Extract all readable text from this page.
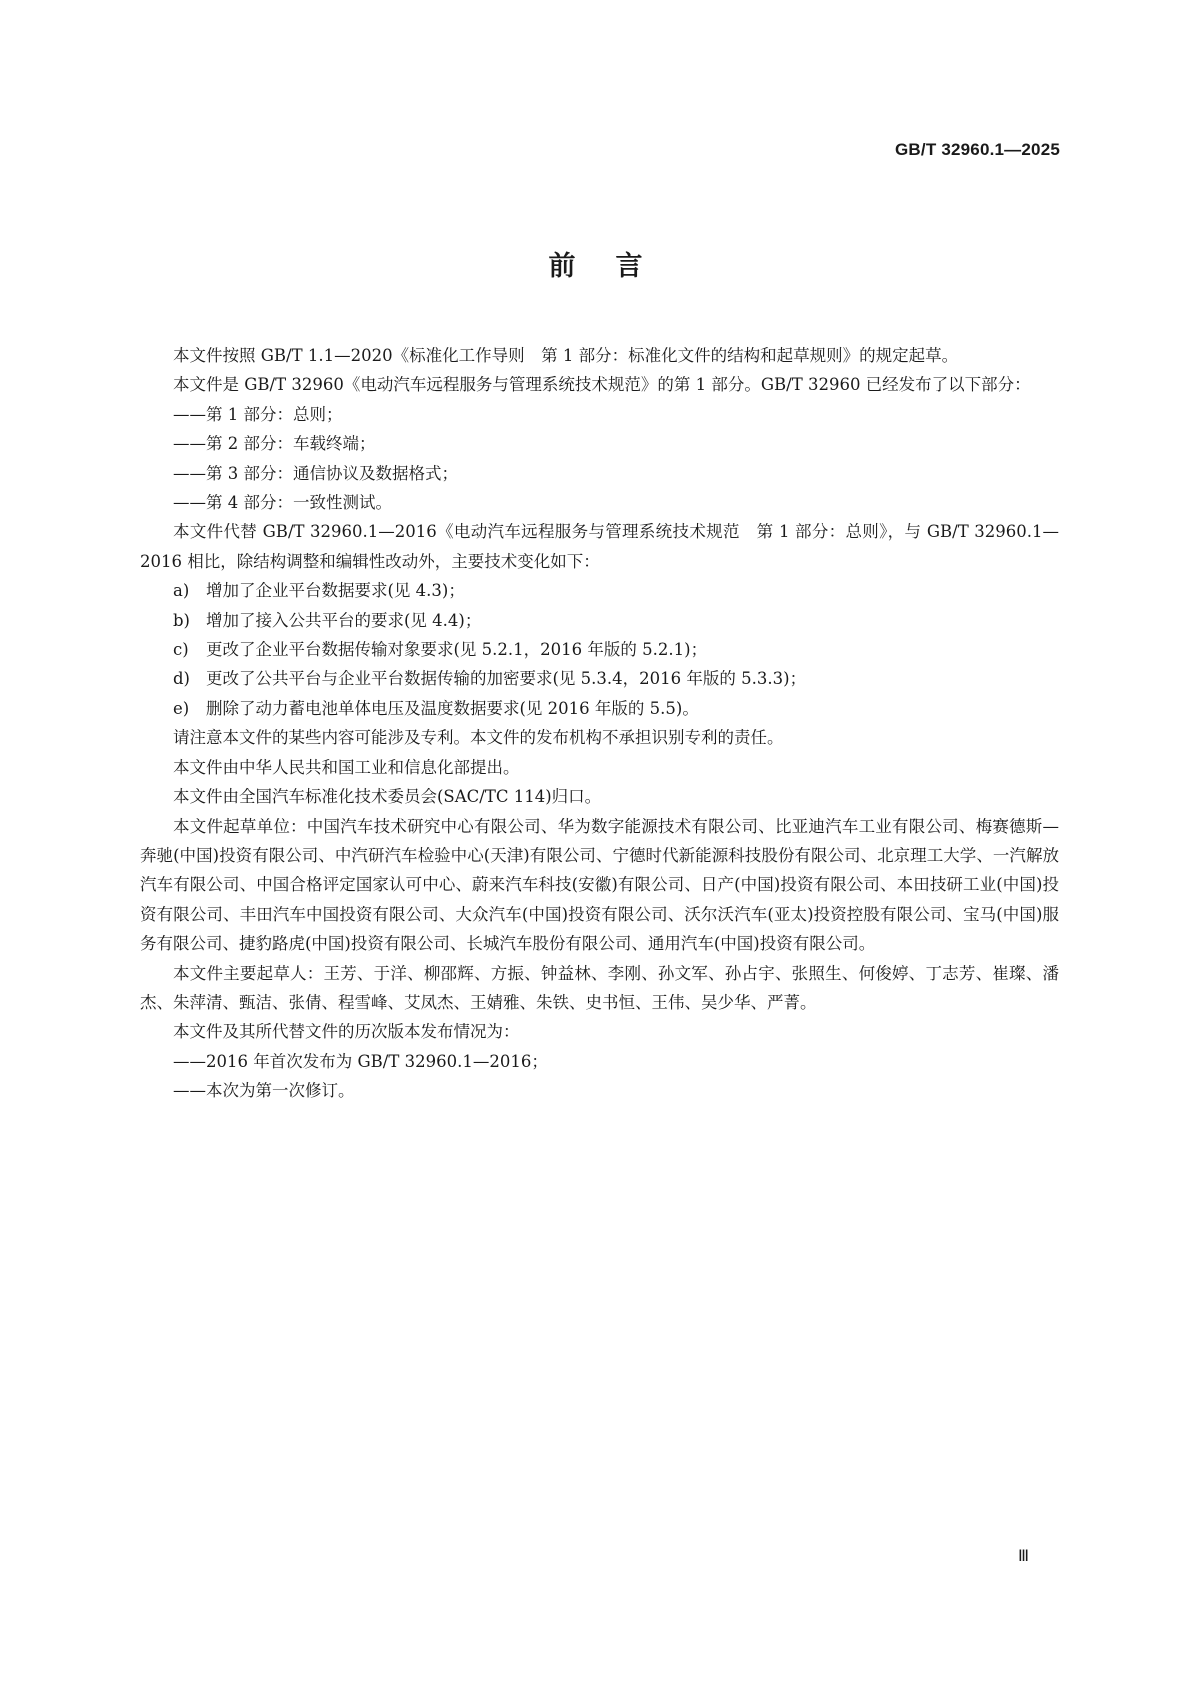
GB/T 32960.1—2025
前言

本文件按照 GB/T 1.1—2020《标准化工作导则　第 1 部分：标准化文件的结构和起草规则》的规定起草。

本文件是 GB/T 32960《电动汽车远程服务与管理系统技术规范》的第 1 部分。GB/T 32960 已经发布了以下部分：

——第 1 部分：总则；

——第 2 部分：车载终端；

——第 3 部分：通信协议及数据格式；

——第 4 部分：一致性测试。

本文件代替 GB/T 32960.1—2016《电动汽车远程服务与管理系统技术规范　第 1 部分：总则》，与 GB/T 32960.1—2016 相比，除结构调整和编辑性改动外，主要技术变化如下：

a) 增加了企业平台数据要求(见 4.3)；

b) 增加了接入公共平台的要求(见 4.4)；

c) 更改了企业平台数据传输对象要求(见 5.2.1，2016 年版的 5.2.1)；

d) 更改了公共平台与企业平台数据传输的加密要求(见 5.3.4，2016 年版的 5.3.3)；

e) 删除了动力蓄电池单体电压及温度数据要求(见 2016 年版的 5.5)。

请注意本文件的某些内容可能涉及专利。本文件的发布机构不承担识别专利的责任。

本文件由中华人民共和国工业和信息化部提出。

本文件由全国汽车标准化技术委员会(SAC/TC 114)归口。

本文件起草单位：中国汽车技术研究中心有限公司、华为数字能源技术有限公司、比亚迪汽车工业有限公司、梅赛德斯—奔驰(中国)投资有限公司、中汽研汽车检验中心(天津)有限公司、宁德时代新能源科技股份有限公司、北京理工大学、一汽解放汽车有限公司、中国合格评定国家认可中心、蔚来汽车科技(安徽)有限公司、日产(中国)投资有限公司、本田技研工业(中国)投资有限公司、丰田汽车中国投资有限公司、大众汽车(中国)投资有限公司、沃尔沃汽车(亚太)投资控股有限公司、宝马(中国)服务有限公司、捷豹路虎(中国)投资有限公司、长城汽车股份有限公司、通用汽车(中国)投资有限公司。

本文件主要起草人：王芳、于洋、柳邵辉、方振、钟益林、李刚、孙文军、孙占宇、张照生、何俊婷、丁志芳、崔璨、潘杰、朱萍清、甄洁、张倩、程雪峰、艾凤杰、王婧雅、朱铁、史书恒、王伟、吴少华、严菁。

本文件及其所代替文件的历次版本发布情况为：

——2016 年首次发布为 GB/T 32960.1—2016；

——本次为第一次修订。

Ⅲ
